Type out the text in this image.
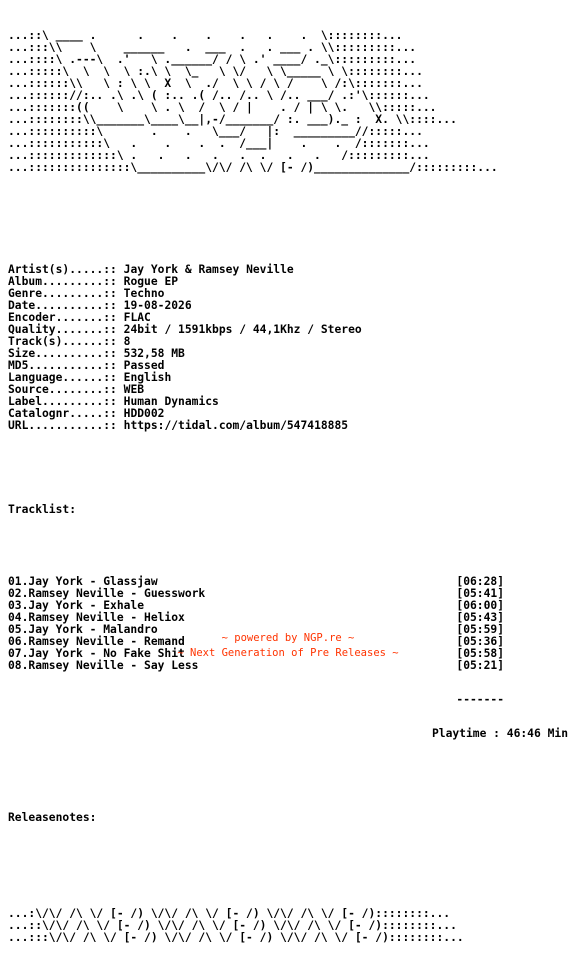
...::\ ____ .      .    .    .    .   .    .  \::::::::...
...:::\\    \    ______   .  ___  .   . ___ . \\:::::::::...
...::::\ .---\  .'   \ .______/ / \ .' ____/ ._\:::::::::...
...:::::\  \  \  \ :.\ \  \_   \ \/   \ \_____ \ \::::::::...
...::::::\\   \ : \ \  X  \  ./  \ \ / \ /    \ /:\:::::::...
...:::::://:.. .\ .\ ( :.. .( /.. /.. \ /.. ___/ .:'\::::::...
...:::::::((    \    \ . \  /  \ / |    . / | \ \.   \\:::::...
...::::::::\\_______\____\__|,-/_______/ :. ___)._ :  X. \\::::...
...::::::::::\       .    .   \___/   |:  _________//:::::...
...:::::::::::\   .    .    .  .  /___|    .    .  /:::::::...
...:::::::::::::\ .   .   .   .   .  .   .   .   /:::::::::...
...:::::::::::::::\__________\/\/ /\ \/ [- /)______________/:::::::::...

Artist(s).....:: Jay York & Ramsey Neville
Album.........:: Rogue EP
Genre.........:: Techno
Date..........:: 19-08-2026
Encoder.......:: FLAC
Quality.......:: 24bit / 1591kbps / 44,1Khz / Stereo
Track(s)......:: 8
Size..........:: 532,58 MB
MD5...........:: Passed
Language......:: English
Source........:: WEB
Label.........:: Human Dynamics
Catalognr.....:: HDD002
URL...........:: https://tidal.com/album/547418885

Tracklist:

01.Jay York - Glassjaw	[06:28]
02.Ramsey Neville - Guesswork	[05:41]
03.Jay York - Exhale	[06:00]
04.Ramsey Neville - Heliox	[05:43]
05.Jay York - Malandro	[05:59]
06.Ramsey Neville - Remand	[05:36]
07.Jay York - No Fake Shit	[05:58]
08.Ramsey Neville - Say Less	[05:21]

-------

Playtime : 46:46 Min

Releasenotes:

...:\/\/ /\ \/ [- /) \/\/ /\ \/ [- /) \/\/ /\ \/ [- /)::::::::...
...::\/\/ /\ \/ [- /) \/\/ /\ \/ [- /) \/\/ /\ \/ [- /)::::::::...
...:::\/\/ /\ \/ [- /) \/\/ /\ \/ [- /) \/\/ /\ \/ [- /)::::::::...

~ powered by NGP.re ~
~ Next Generation of Pre Releases ~
